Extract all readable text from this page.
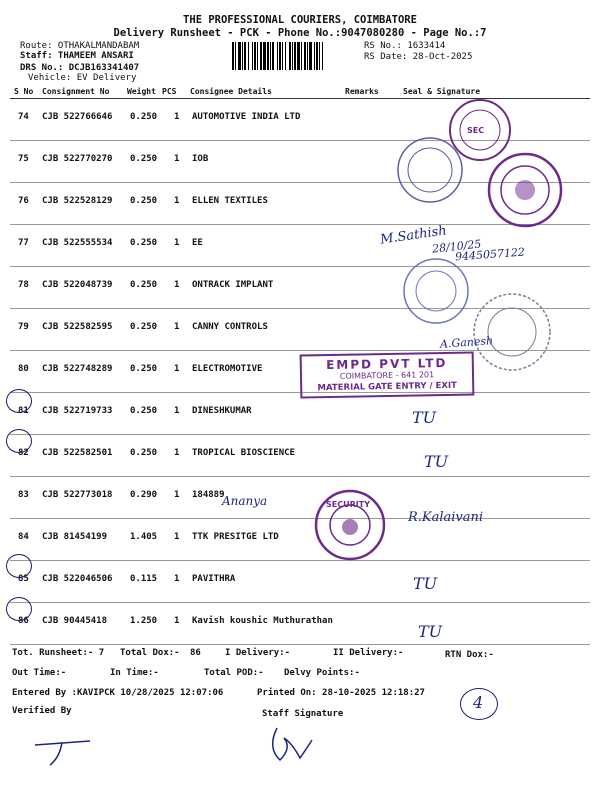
THE PROFESSIONAL COURIERS, COIMBATORE
Delivery Runsheet - PCK - Phone No.:9047080280 - Page No.:7
Route: OTHAKALMANDABAM
Staff: THAMEEM ANSARI
DRS No.: DCJB163341407
Vehicle: EV Delivery
RS No.: 1633414
RS Date: 28-Oct-2025
S No Consignment No Weight PCS Consignee Details	Remarks	Seal & Signature
74 CJB 522766646 0.250 1 AUTOMOTIVE INDIA LTD
75 CJB 522770270 0.250 1 IOB
76 CJB 522528129 0.250 1 ELLEN TEXTILES
77 CJB 522555534 0.250 1 EE
78 CJB 522048739 0.250 1 ONTRACK IMPLANT
79 CJB 522582595 0.250 1 CANNY CONTROLS
80 CJB 522748289 0.250 1 ELECTROMOTIVE
81 CJB 522719733 0.250 1 DINESHKUMAR
82 CJB 522582501 0.250 1 TROPICAL BIOSCIENCE
83 CJB 522773018 0.290 1 184889
84 CJB 81454199	1.405 1 TTK PRESITGE LTD
85 CJB 522046506 0.115 1 PAVITHRA
86 CJB 90445418	1.250 1 Kavish koushic Muthurathan
SEC
EMPD PVT LTD
COIMBATORE - 641 201
MATERIAL GATE ENTRY / EXIT
SECURITY
M.Sathish
28/10/25
9445057122
A.Ganesh
TU
TU
Ananya
R.Kalaivani
TU
TU
Tot. Runsheet:- 7 Total Dox:- 86	I Delivery:-	II Delivery:-	RTN Dox:-
Out Time:-	In Time:-	Total POD:- Delvy Points:-
Entered By :KAVIPCK 10/28/2025 12:07:06	Printed On: 28-10-2025 12:18:27
Verified By	Staff Signature
4
